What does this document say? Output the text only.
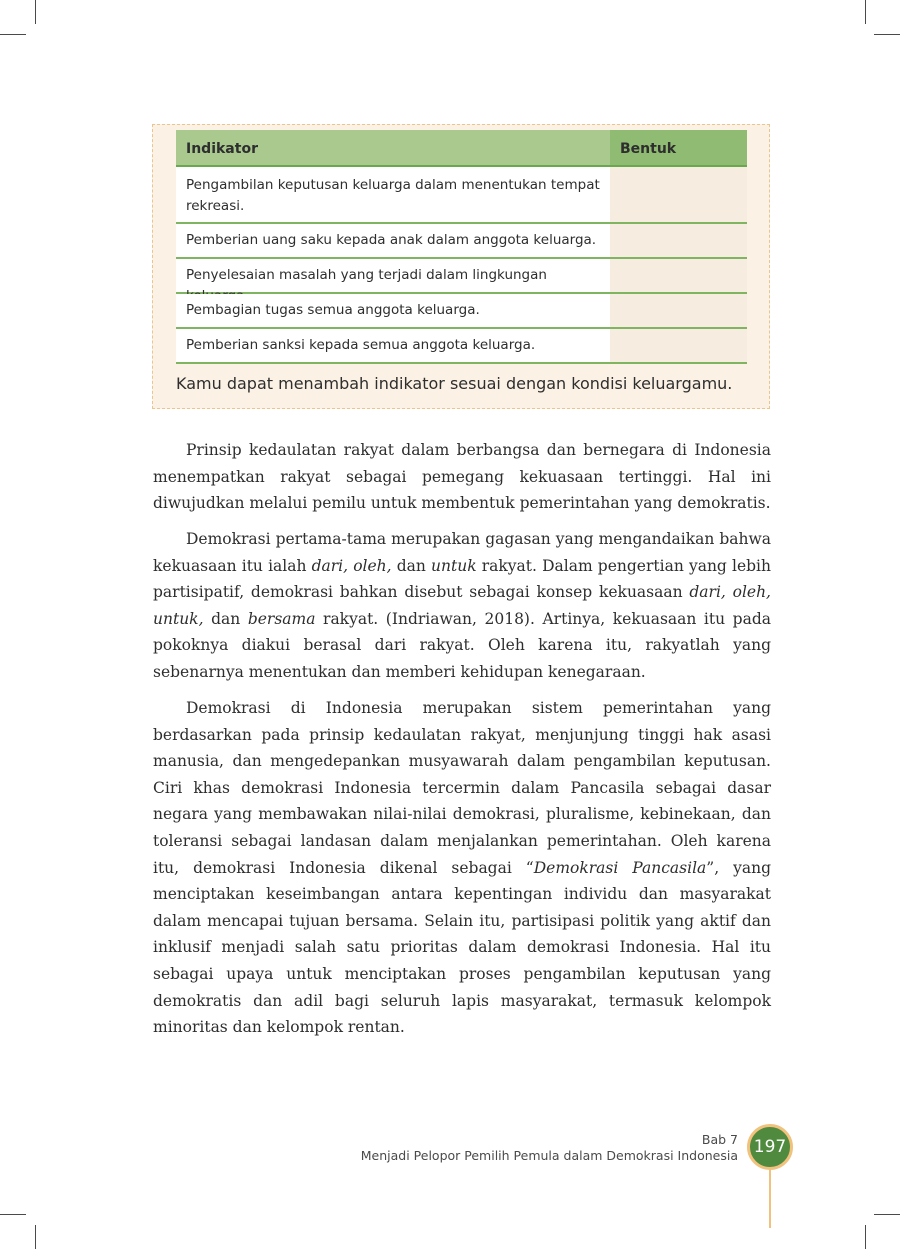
Indikator	Bentuk
Pengambilan keputusan keluarga dalam menentukan tempat
rekreasi.
Pemberian uang saku kepada anak dalam anggota keluarga.
Penyelesaian masalah yang terjadi dalam lingkungan
Pembagian tugas semua anggota keluarga.
Pemberian sanksi kepada semua anggota keluarga.
Kamu dapat menambah indikator sesuai dengan kondisi keluargamu.

Prinsip kedaulatan rakyat dalam berbangsa dan bernegara di Indonesia menempatkan rakyat sebagai pemegang kekuasaan tertinggi. Hal ini diwujudkan melalui pemilu untuk membentuk pemerintahan yang demokratis.

Demokrasi pertama-tama merupakan gagasan yang mengandaikan bahwa kekuasaan itu ialah dari, oleh, dan untuk rakyat. Dalam pengertian yang lebih partisipatif, demokrasi bahkan disebut sebagai konsep kekuasaan dari, oleh, untuk, dan bersama rakyat. (Indriawan, 2018). Artinya, kekuasaan itu pada pokoknya diakui berasal dari rakyat. Oleh karena itu, rakyatlah yang sebenarnya menentukan dan memberi kehidupan kenegaraan.

Demokrasi di Indonesia merupakan sistem pemerintahan yang berdasarkan pada prinsip kedaulatan rakyat, menjunjung tinggi hak asasi manusia, dan mengedepankan musyawarah dalam pengambilan keputusan. Ciri khas demokrasi Indonesia tercermin dalam Pancasila sebagai dasar negara yang membawakan nilai-nilai demokrasi, pluralisme, kebinekaan, dan toleransi sebagai landasan dalam menjalankan pemerintahan. Oleh karena itu, demokrasi Indonesia dikenal sebagai “Demokrasi Pancasila”, yang menciptakan keseimbangan antara kepentingan individu dan masyarakat dalam mencapai tujuan bersama. Selain itu, partisipasi politik yang aktif dan inklusif menjadi salah satu prioritas dalam demokrasi Indonesia. Hal itu sebagai upaya untuk menciptakan proses pengambilan keputusan yang demokratis dan adil bagi seluruh lapis masyarakat, termasuk kelompok minoritas dan kelompok rentan.

Bab 7
Menjadi Pelopor Pemilih Pemula dalam Demokrasi Indonesia 197
